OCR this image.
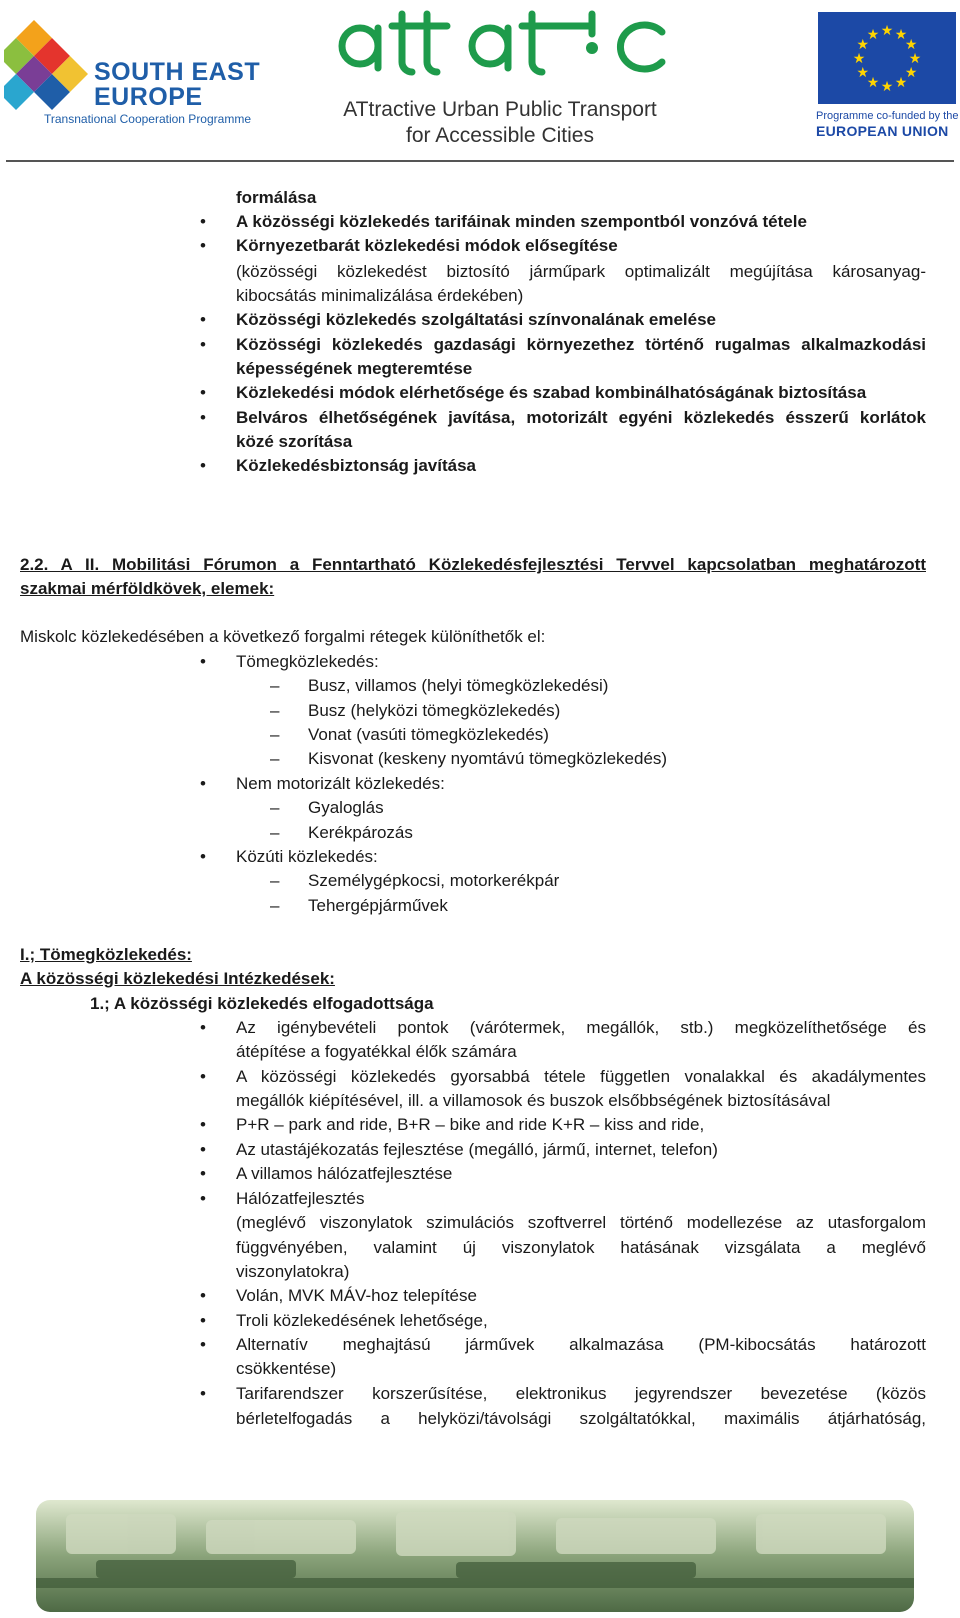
SOUTH EAST
EUROPE
Transnational Cooperation Programme	ATtractive Urban Public Transport
for Accessible Cities
★ ★
★
★
★
★
★
★
★
★
★
★
Programme co-funded by the
EUROPEAN UNION
formálása
• A közösségi közlekedés tarifáinak minden szempontból vonzóvá tétele
• Környezetbarát közlekedési módok elősegítése
(közösségi közlekedést biztosító járműpark optimalizált megújítása károsanyag-
kibocsátás minimalizálása érdekében)
• Közösségi közlekedés szolgáltatási színvonalának emelése
• Közösségi közlekedés gazdasági környezethez történő rugalmas alkalmazkodási
képességének megteremtése
• Közlekedési módok elérhetősége és szabad kombinálhatóságának biztosítása
• Belváros élhetőségének javítása, motorizált egyéni közlekedés ésszerű korlátok
közé szorítása
• Közlekedésbiztonság javítása
2.2. A II. Mobilitási Fórumon a Fenntartható Közlekedésfejlesztési Tervvel kapcsolatban meghatározott
szakmai mérföldkövek, elemek:
Miskolc közlekedésében a következő forgalmi rétegek különíthetők el:
• Tömegközlekedés:
– Busz, villamos (helyi tömegközlekedési)
– Busz (helyközi tömegközlekedés)
– Vonat (vasúti tömegközlekedés)
– Kisvonat (keskeny nyomtávú tömegközlekedés)
• Nem motorizált közlekedés:
– Gyaloglás
– Kerékpározás
• Közúti közlekedés:
– Személygépkocsi, motorkerékpár
– Tehergépjárművek
I.; Tömegközlekedés:
A közösségi közlekedési Intézkedések:
1.; A közösségi közlekedés elfogadottsága
• Az igénybevételi pontok (várótermek, megállók, stb.) megközelíthetősége és
átépítése a fogyatékkal élők számára
• A közösségi közlekedés gyorsabbá tétele független vonalakkal és akadálymentes
megállók kiépítésével, ill. a villamosok és buszok elsőbbségének biztosításával
• P+R – park and ride, B+R – bike and ride K+R – kiss and ride,
• Az utastájékozatás fejlesztése (megálló, jármű, internet, telefon)
• A villamos hálózatfejlesztése
• Hálózatfejlesztés
(meglévő viszonylatok szimulációs szoftverrel történő modellezése az utasforgalom
függvényében, valamint új viszonylatok hatásának vizsgálata a meglévő
viszonylatokra)
• Volán, MVK MÁV-hoz telepítése
• Troli közlekedésének lehetősége,
• Alternatív meghajtású járművek alkalmazása (PM-kibocsátás határozott
csökkentése)
• Tarifarendszer korszerűsítése, elektronikus jegyrendszer bevezetése (közös
bérletelfogadás a helyközi/távolsági szolgáltatókkal, maximális átjárhatóság,
